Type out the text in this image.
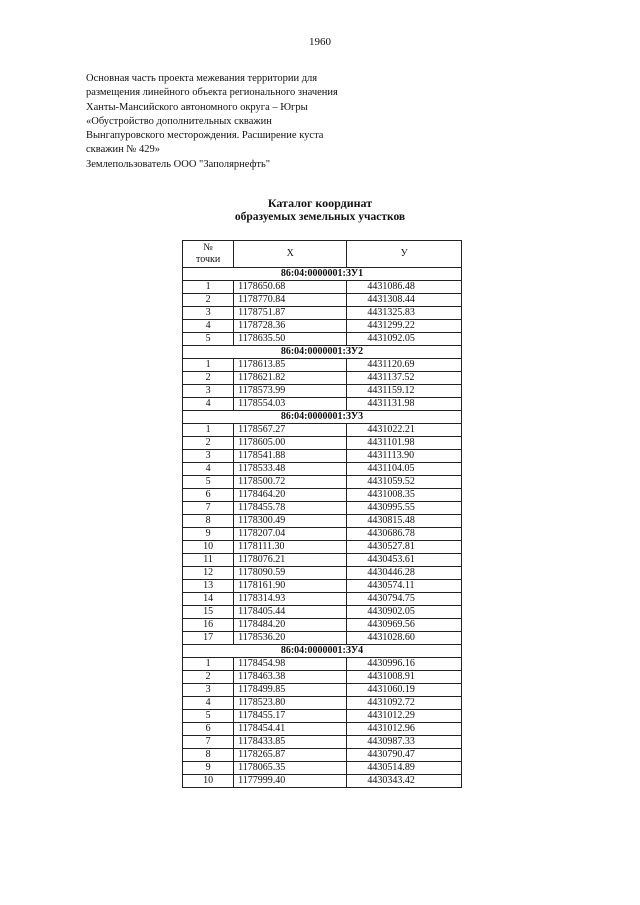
1960
Основная часть проекта межевания территории для
размещения линейного объекта регионального значения
Ханты-Мансийского автономного округа – Югры
«Обустройство дополнительных скважин
Вынгапуровского месторождения. Расширение куста
скважин № 429»
Землепользователь ООО "Заполярнефть"
Каталог координат
образуемых земельных участков
№
точки	X	У
86:04:0000001:ЗУ1		
1	1178650.68	4431086.48
2	1178770.84	4431308.44
3	1178751.87	4431325.83
4	1178728.36	4431299.22
5	1178635.50	4431092.05
86:04:0000001:ЗУ2		
1	1178613.85	4431120.69
2	1178621.82	4431137.52
3	1178573.99	4431159.12
4	1178554.03	4431131.98
86:04:0000001:ЗУ3		
1	1178567.27	4431022.21
2	1178605.00	4431101.98
3	1178541.88	4431113.90
4	1178533.48	4431104.05
5	1178500.72	4431059.52
6	1178464.20	4431008.35
7	1178455.78	4430995.55
8	1178300.49	4430815.48
9	1178207.04	4430686.78
10	1178111.30	4430527.81
11	1178076.21	4430453.61
12	1178090.59	4430446.28
13	1178161.90	4430574.11
14	1178314.93	4430794.75
15	1178405.44	4430902.05
16	1178484.20	4430969.56
17	1178536.20	4431028.60
86:04:0000001:ЗУ4		
1	1178454.98	4430996.16
2	1178463.38	4431008.91
3	1178499.85	4431060.19
4	1178523.80	4431092.72
5	1178455.17	4431012.29
6	1178454.41	4431012.96
7	1178433.85	4430987.33
8	1178265.87	4430790.47
9	1178065.35	4430514.89
10	1177999.40	4430343.42
